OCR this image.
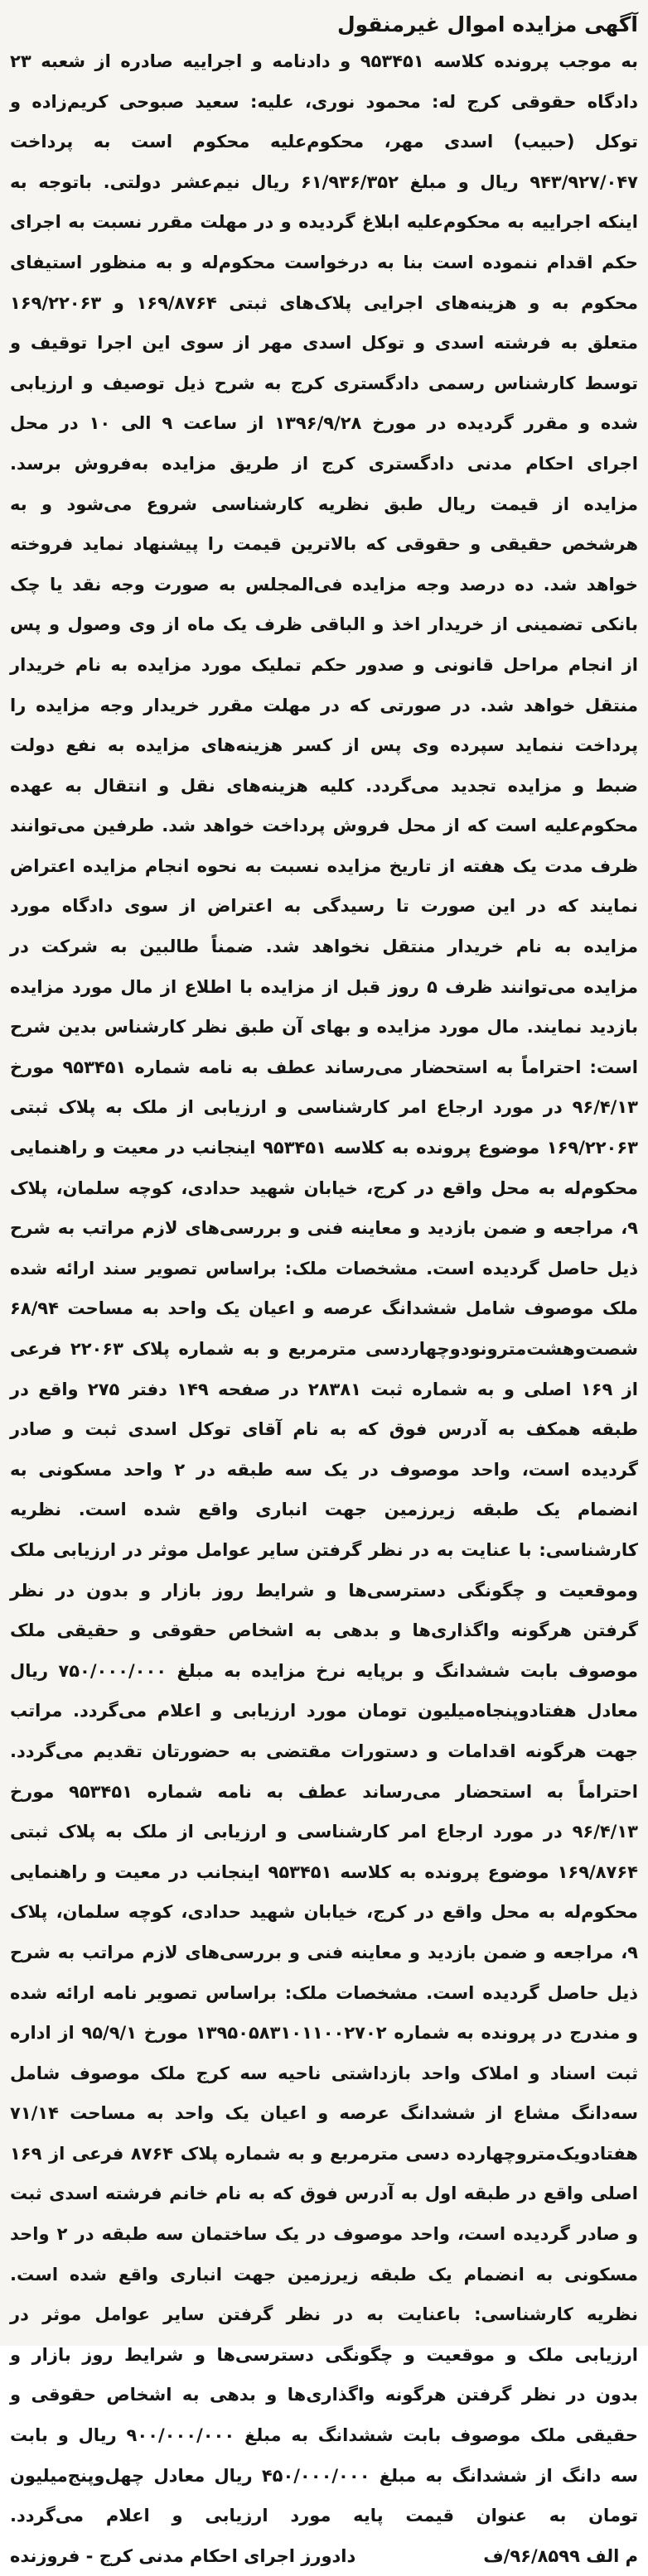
آگهی مزایده اموال غیرمنقول

به موجب پرونده کلاسه ۹۵۳۴۵۱ و دادنامه و اجراییه صادره از شعبه ۲۳ دادگاه حقوقی کرج له: محمود نوری، علیه: سعید صبوحی کریم‌زاده و توکل (حبیب) اسدی مهر، محکوم‌علیه محکوم است به پرداخت ۹۴۳/۹۲۷/۰۴۷ ریال و مبلغ ۶۱/۹۳۶/۳۵۲ ریال نیم‌عشر دولتی. باتوجه به اینکه اجراییه به محکوم‌علیه ابلاغ گردیده و در مهلت مقرر نسبت به اجرای حکم اقدام ننموده است بنا به درخواست محکوم‌له و به منظور استیفای محکوم به و هزینه‌های اجرایی پلاک‌های ثبتی ۱۶۹/۸۷۶۴ و ۱۶۹/۲۲۰۶۳ متعلق به فرشته اسدی و توکل اسدی مهر از سوی این اجرا توقیف و توسط کارشناس رسمی دادگستری کرج به شرح ذیل توصیف و ارزیابی شده و مقرر گردیده در مورخ ۱۳۹۶/۹/۲۸ از ساعت ۹ الی ۱۰ در محل اجرای احکام مدنی دادگستری کرج از طریق مزایده به‌فروش برسد. مزایده از قیمت ریال طبق نظریه کارشناسی شروع می‌شود و به هرشخص حقیقی و حقوقی که بالاترین قیمت را پیشنهاد نماید فروخته خواهد شد. ده درصد وجه مزایده فی‌المجلس به صورت وجه نقد یا چک بانکی تضمینی از خریدار اخذ و الباقی ظرف یک ماه از وی وصول و پس از انجام مراحل قانونی و صدور حکم تملیک مورد مزایده به نام خریدار منتقل خواهد شد. در صورتی که در مهلت مقرر خریدار وجه مزایده را پرداخت ننماید سپرده وی پس از کسر هزینه‌های مزایده به نفع دولت ضبط و مزایده تجدید می‌گردد. کلیه هزینه‌های نقل و انتقال به عهده محکوم‌علیه است که از محل فروش پرداخت خواهد شد. طرفین می‌توانند ظرف مدت یک هفته از تاریخ مزایده نسبت به نحوه انجام مزایده اعتراض نمایند که در این صورت تا رسیدگی به اعتراض از سوی دادگاه مورد مزایده به نام خریدار منتقل نخواهد شد. ضمناً طالبین به شرکت در مزایده می‌توانند ظرف ۵ روز قبل از مزایده با اطلاع از مال مورد مزایده بازدید نمایند. مال مورد مزایده و بهای آن طبق نظر کارشناس بدین شرح است: احتراماً به استحضار می‌رساند عطف به نامه شماره ۹۵۳۴۵۱ مورخ ۹۶/۴/۱۳ در مورد ارجاع امر کارشناسی و ارزیابی از ملک به پلاک ثبتی ۱۶۹/۲۲۰۶۳ موضوع پرونده به کلاسه ۹۵۳۴۵۱ اینجانب در معیت و راهنمایی محکوم‌له به محل واقع در کرج، خیابان شهید حدادی، کوچه سلمان، پلاک ۹، مراجعه و ضمن بازدید و معاینه فنی و بررسی‌های لازم مراتب به شرح ذیل حاصل گردیده است. مشخصات ملک: براساس تصویر سند ارائه شده ملک موصوف شامل ششدانگ عرصه و اعیان یک واحد به مساحت ۶۸/۹۴ شصت‌وهشت‌مترونودوچهاردسی مترمربع و به شماره پلاک ۲۲۰۶۳ فرعی از ۱۶۹ اصلی و به شماره ثبت ۲۸۳۸۱ در صفحه ۱۴۹ دفتر ۲۷۵ واقع در طبقه همکف به آدرس فوق که به نام آقای توکل اسدی ثبت و صادر گردیده است، واحد موصوف در یک سه طبقه در ۲ واحد مسکونی به انضمام یک طبقه زیرزمین جهت انباری واقع شده است. نظریه کارشناسی: با عنایت به در نظر گرفتن سایر عوامل موثر در ارزیابی ملک وموقعیت و چگونگی دسترسی‌ها و شرایط روز بازار و بدون در نظر گرفتن هرگونه واگذاری‌ها و بدهی به اشخاص حقوقی و حقیقی ملک موصوف بابت ششدانگ و برپایه نرخ مزایده به مبلغ ۷۵۰/۰۰۰/۰۰۰ ریال معادل هفتادوپنجاه‌میلیون تومان مورد ارزیابی و اعلام می‌گردد. مراتب جهت هرگونه اقدامات و دستورات مقتضی به حضورتان تقدیم می‌گردد. احتراماً به استحضار می‌رساند عطف به نامه شماره ۹۵۳۴۵۱ مورخ ۹۶/۴/۱۳ در مورد ارجاع امر کارشناسی و ارزیابی از ملک به پلاک ثبتی ۱۶۹/۸۷۶۴ موضوع پرونده به کلاسه ۹۵۳۴۵۱ اینجانب در معیت و راهنمایی محکوم‌له به محل واقع در کرج، خیابان شهید حدادی، کوچه سلمان، پلاک ۹، مراجعه و ضمن بازدید و معاینه فنی و بررسی‌های لازم مراتب به شرح ذیل حاصل گردیده است. مشخصات ملک: براساس تصویر نامه ارائه شده و مندرج در پرونده به شماره ۱۳۹۵۰۵۸۳۱۰۱۱۰۰۲۷۰۲ مورخ ۹۵/۹/۱ از اداره ثبت اسناد و املاک واحد بازداشتی ناحیه سه کرج ملک موصوف شامل سه‌دانگ مشاع از ششدانگ عرصه و اعیان یک واحد به مساحت ۷۱/۱۴ هفتادویک‌متروچهارده دسی مترمربع و به شماره پلاک ۸۷۶۴ فرعی از ۱۶۹ اصلی واقع در طبقه اول به آدرس فوق که به نام خانم فرشته اسدی ثبت و صادر گردیده است، واحد موصوف در یک ساختمان سه طبقه در ۲ واحد مسکونی به انضمام یک طبقه زیرزمین جهت انباری واقع شده است. نظریه کارشناسی: باعنایت به در نظر گرفتن سایر عوامل موثر در ارزیابی ملک و موقعیت و چگونگی دسترسی‌ها و شرایط روز بازار و بدون در نظر گرفتن هرگونه واگذاری‌ها و بدهی به اشخاص حقوقی و حقیقی ملک موصوف بابت ششدانگ به مبلغ ۹۰۰/۰۰۰/۰۰۰ ریال و بابت سه دانگ از ششدانگ به مبلغ ۴۵۰/۰۰۰/۰۰۰ ریال معادل چهل‌وپنج‌میلیون تومان به عنوان قیمت پایه مورد ارزیابی و اعلام می‌گردد.

م الف ۹۶/۸۵۹۹/ف
دادورز اجرای احکام مدنی کرج - فروزنده
